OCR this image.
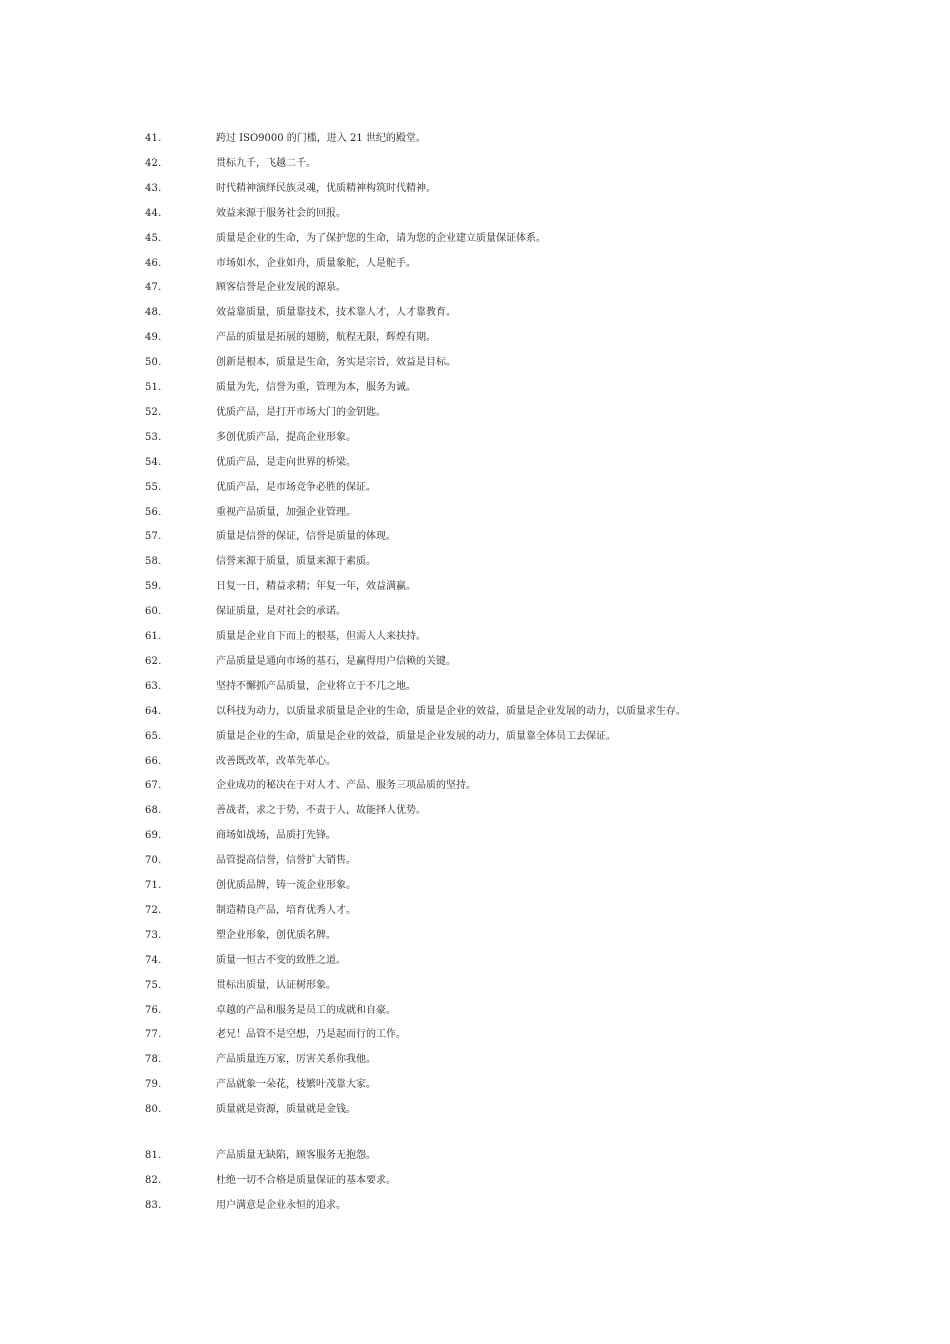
41.	跨过 ISO9000 的门槛，进入 21 世纪的殿堂。
42.	贯标九千，飞越二千。
43.	时代精神演绎民族灵魂，优质精神构筑时代精神。
44.	效益来源于服务社会的回报。
45.	质量是企业的生命，为了保护您的生命，请为您的企业建立质量保证体系。
46.	市场如水，企业如舟，质量象舵，人是舵手。
47.	顾客信誉是企业发展的源泉。
48.	效益靠质量，质量靠技术，技术靠人才，人才靠教育。
49.	产品的质量是拓展的翅膀，航程无限，辉煌有期。
50.	创新是根本，质量是生命，务实是宗旨，效益是目标。
51.	质量为先，信誉为重，管理为本，服务为诚。
52.	优质产品，是打开市场大门的金钥匙。
53.	多创优质产品，提高企业形象。
54.	优质产品，是走向世界的桥梁。
55.	优质产品，是市场竞争必胜的保证。
56.	重视产品质量，加强企业管理。
57.	质量是信誉的保证，信誉是质量的体现。
58.	信誉来源于质量，质量来源于素质。
59.	日复一日，精益求精；年复一年，效益满赢。
60.	保证质量，是对社会的承诺。
61.	质量是企业自下而上的根基，但需人人来扶持。
62.	产品质量是通向市场的基石，是赢得用户信赖的关键。
63.	坚持不懈抓产品质量，企业将立于不几之地。
64.	以科技为动力，以质量求质量是企业的生命，质量是企业的效益，质量是企业发展的动力，以质量求生存。
65.	质量是企业的生命，质量是企业的效益，质量是企业发展的动力，质量靠全体员工去保证。
66.	改善既改革，改革先革心。
67.	企业成功的秘决在于对人才、产品、服务三项品质的坚持。
68.	善战者，求之于势，不责于人，故能择人优势。
69.	商场如战场，品质打先锋。
70.	品管提高信誉，信誉扩大销售。
71.	创优质品牌，铸一流企业形象。
72.	制造精良产品，培育优秀人才。
73.	塑企业形象，创优质名牌。
74.	质量一恒古不变的致胜之道。
75.	贯标出质量，认证树形象。
76.	卓越的产品和服务是员工的成就和自豪。
77.	老兄！品管不是空想，乃是起而行的工作。
78.	产品质量连万家，厉害关系你我他。
79.	产品就象一朵花，枝繁叶茂靠大家。
80.	质量就是资源，质量就是金钱。
81.	产品质量无缺陷，顾客服务无抱怨。
82.	杜绝一切不合格是质量保证的基本要求。
83.	用户满意是企业永恒的追求。
